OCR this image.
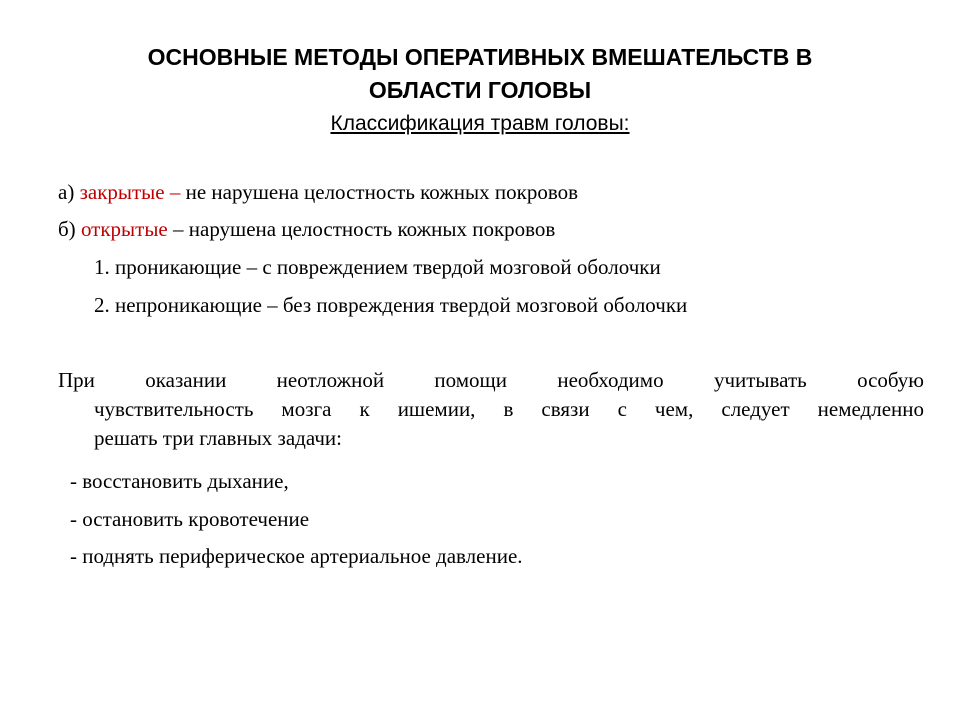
ОСНОВНЫЕ МЕТОДЫ ОПЕРАТИВНЫХ ВМЕШАТЕЛЬСТВ В
ОБЛАСТИ ГОЛОВЫ
Классификация травм головы:
а) закрытые – не нарушена целостность кожных покровов
б) открытые – нарушена целостность кожных покровов
1. проникающие – с повреждением твердой мозговой оболочки
2. непроникающие – без повреждения твердой мозговой оболочки
При оказании неотложной помощи необходимо учитывать особую
чувствительность мозга к ишемии, в связи с чем, следует немедленно
решать три главных задачи:
- восстановить дыхание,
- остановить кровотечение
- поднять периферическое артериальное давление.
